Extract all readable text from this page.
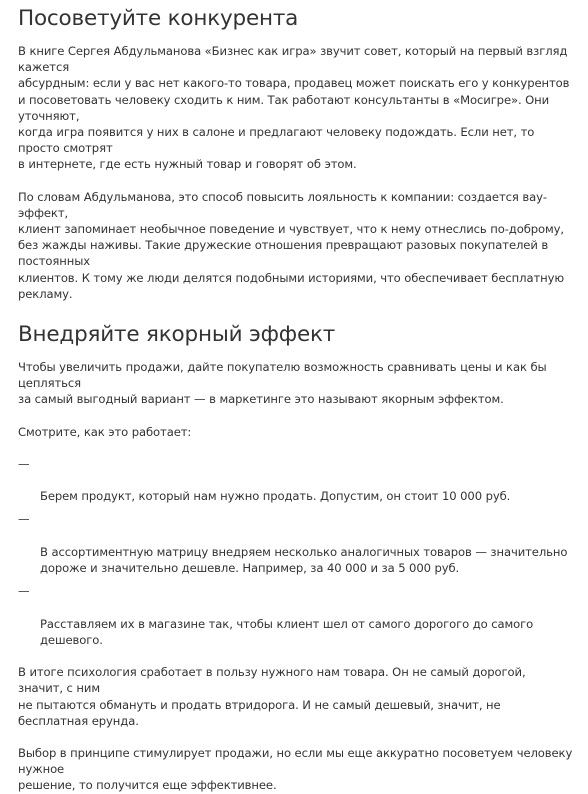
Посоветуйте конкурента

В книге Сергея Абдульманова «Бизнес как игра» звучит совет, который на первый взгляд кажется
абсурдным: если у вас нет какого-то товара, продавец может поискать его у конкурентов
и посоветовать человеку сходить к ним. Так работают консультанты в «Мосигре». Они уточняют,
когда игра появится у них в салоне и предлагают человеку подождать. Если нет, то просто смотрят
в интернете, где есть нужный товар и говорят об этом.

По словам Абдульманова, это способ повысить лояльность к компании: создается вау-эффект,
клиент запоминает необычное поведение и чувствует, что к нему отнеслись по-доброму,
без жажды наживы. Такие дружеские отношения превращают разовых покупателей в постоянных
клиентов. К тому же люди делятся подобными историями, что обеспечивает бесплатную рекламу.

Внедряйте якорный эффект

Чтобы увеличить продажи, дайте покупателю возможность сравнивать цены и как бы цепляться
за самый выгодный вариант — в маркетинге это называют якорным эффектом.

Смотрите, как это работает:

—

Берем продукт, который нам нужно продать. Допустим, он стоит 10 000 руб.

—

В ассортиментную матрицу внедряем несколько аналогичных товаров — значительно
дороже и значительно дешевле. Например, за 40 000 и за 5 000 руб.

—

Расставляем их в магазине так, чтобы клиент шел от самого дорогого до самого дешевого.

В итоге психология сработает в пользу нужного нам товара. Он не самый дорогой, значит, с ним
не пытаются обмануть и продать втридорога. И не самый дешевый, значит, не бесплатная ерунда.

Выбор в принципе стимулирует продажи, но если мы еще аккуратно посоветуем человеку нужное
решение, то получится еще эффективнее.
